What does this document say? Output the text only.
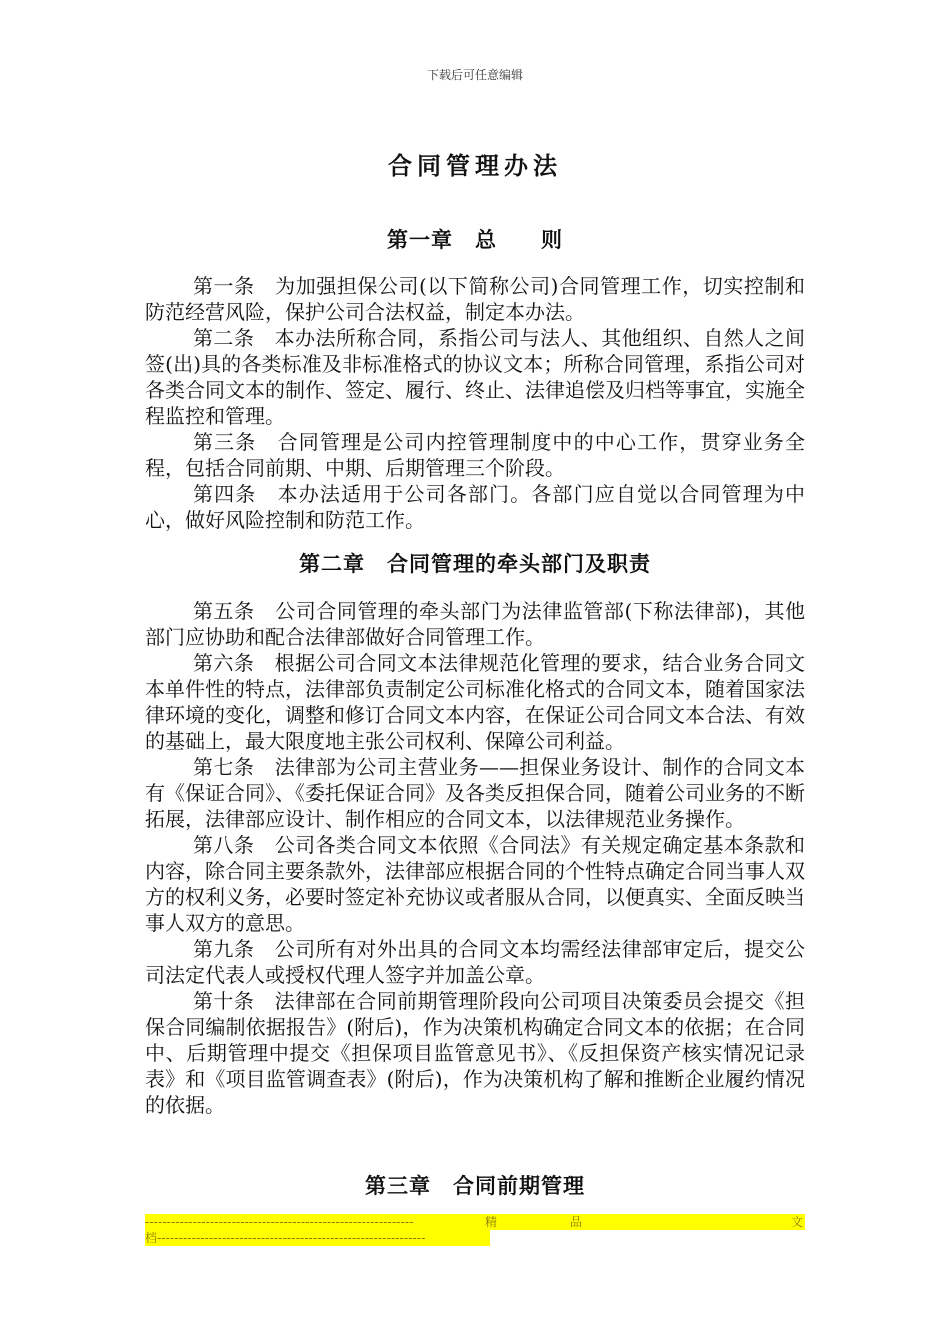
下载后可任意编辑
合同管理办法
第一章　总　　则

第一条　为加强担保公司(以下简称公司)合同管理工作，切实控制和防范经营风险，保护公司合法权益，制定本办法。

第二条　本办法所称合同，系指公司与法人、其他组织、自然人之间签(出)具的各类标准及非标准格式的协议文本；所称合同管理，系指公司对各类合同文本的制作、签定、履行、终止、法律追偿及归档等事宜，实施全程监控和管理。

第三条　合同管理是公司内控管理制度中的中心工作，贯穿业务全程，包括合同前期、中期、后期管理三个阶段。

第四条　本办法适用于公司各部门。各部门应自觉以合同管理为中心，做好风险控制和防范工作。

第二章　合同管理的牵头部门及职责

第五条　公司合同管理的牵头部门为法律监管部(下称法律部)，其他部门应协助和配合法律部做好合同管理工作。

第六条　根据公司合同文本法律规范化管理的要求，结合业务合同文本单件性的特点，法律部负责制定公司标准化格式的合同文本，随着国家法律环境的变化，调整和修订合同文本内容，在保证公司合同文本合法、有效的基础上，最大限度地主张公司权利、保障公司利益。

第七条　法律部为公司主营业务——担保业务设计、制作的合同文本有《保证合同》、《委托保证合同》及各类反担保合同，随着公司业务的不断拓展，法律部应设计、制作相应的合同文本，以法律规范业务操作。

第八条　公司各类合同文本依照《合同法》有关规定确定基本条款和内容，除合同主要条款外，法律部应根据合同的个性特点确定合同当事人双方的权利义务，必要时签定补充协议或者服从合同，以便真实、全面反映当事人双方的意思。

第九条　公司所有对外出具的合同文本均需经法律部审定后，提交公司法定代表人或授权代理人签字并加盖公章。

第十条　法律部在合同前期管理阶段向公司项目决策委员会提交《担保合同编制依据报告》(附后)，作为决策机构确定合同文本的依据；在合同中、后期管理中提交《担保项目监管意见书》、《反担保资产核实情况记录表》和《项目监管调查表》(附后)，作为决策机构了解和推断企业履约情况的依据。

第三章　合同前期管理
--------------------------------------------------------------	精	品	文
档--------------------------------------------------------------
